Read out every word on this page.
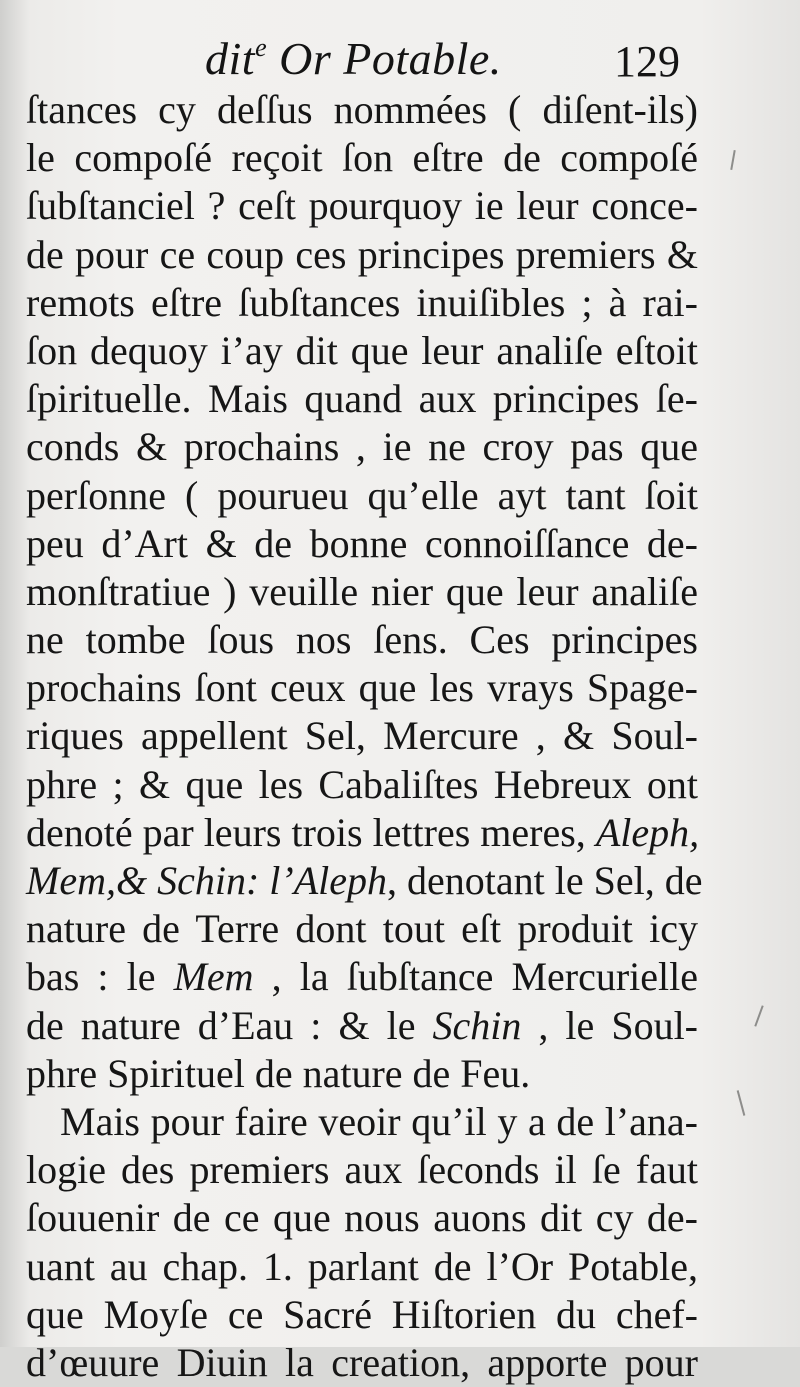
dit$^e$ Or Potable.	129
ſtances cy deſſus nommées ( diſent-ils)
le compoſé reçoit ſon eſtre de compoſé
ſubſtanciel ? ceſt pourquoy ie leur conce-
de pour ce coup ces principes premiers &
remots eſtre ſubſtances inuiſibles ; à rai-
ſon dequoy i’ay dit que leur analiſe eſtoit
ſpirituelle. Mais quand aux principes ſe-
conds & prochains , ie ne croy pas que
perſonne ( pourueu qu’elle ayt tant ſoit
peu d’Art & de bonne connoiſſance de-
monſtratiue ) veuille nier que leur analiſe
ne tombe ſous nos ſens. Ces principes
prochains ſont ceux que les vrays Spage-
riques appellent Sel, Mercure , & Soul-
phre ; & que les Cabaliſtes Hebreux ont
denoté par leurs trois lettres meres, Aleph,
Mem,& Schin: l’Aleph, denotant le Sel, de
nature de Terre dont tout eſt produit icy
bas : le Mem , la ſubſtance Mercurielle
de nature d’Eau : & le Schin , le Soul-
phre Spirituel de nature de Feu.
Mais pour faire veoir qu’il y a de l’ana-
logie des premiers aux ſeconds il ſe faut
ſouuenir de ce que nous auons dit cy de-
uant au chap. 1. parlant de l’Or Potable,
que Moyſe ce Sacré Hiſtorien du chef-
d’œuure Diuin la creation, apporte pour
